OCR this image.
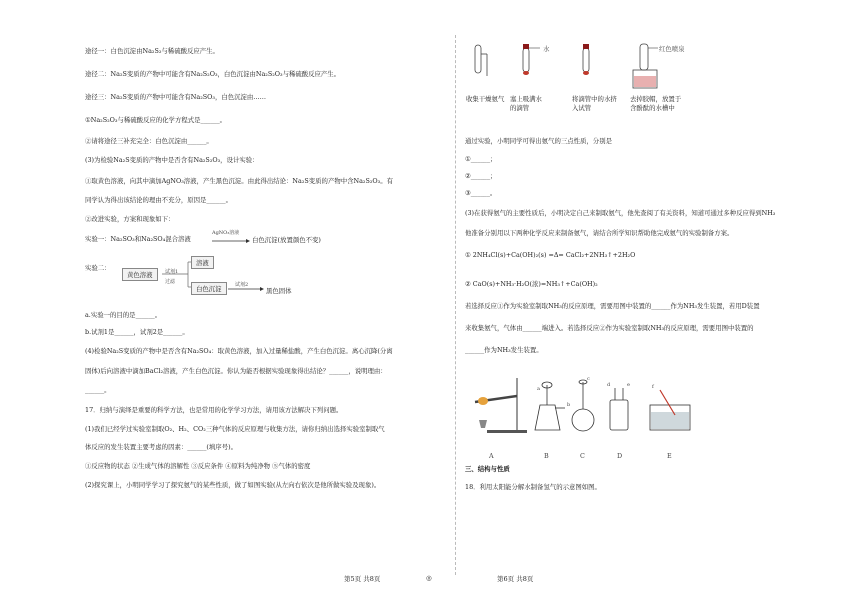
途径一：白色沉淀由Na₂S₂与稀硫酸反应产生。
途径二：Na₂S变质的产物中可能含有Na₂S₂O₃，白色沉淀由Na₂S₂O₃与稀硫酸反应产生。
途径三：Na₂S变质的产物中可能含有Na₂SO₃，白色沉淀由……
①Na₂S₂O₃与稀硫酸反应的化学方程式是______。
②请将途径三补充完全：白色沉淀由______。
(3)为检验Na₂S变质的产物中是否含有Na₂S₂O₃，设计实验：
①取黄色溶液，向其中滴加AgNO₃溶液，产生黑色沉淀。由此得出结论：Na₂S变质的产物中含Na₂S₂O₃。有
同学认为得出该结论的理由不充分，原因是______。
②改进实验，方案和现象如下：
实验一：Na₂SO₃和Na₂SO₄混合溶液
实验二：
a.实验一的目的是______。
b.试剂1是______，试剂2是______。
(4)检验Na₂S变质的产物中是否含有Na₂SO₄：取黄色溶液，加入过量稀盐酸，产生白色沉淀。离心沉降(分离
固体)后向溶液中滴加BaCl₂溶液，产生白色沉淀。你认为能否根据实验现象得出结论？______，说明理由：
______。
17．归纳与演绎是重要的科学方法，也是常用的化学学习方法，请用该方法解决下列问题。
(1)我们已经学过实验室制取O₂、H₂、CO₂三种气体的反应原理与收集方法，请你归纳出选择实验室制取气
体反应的发生装置主要考虑的因素：______(填序号)。
①反应物的状态 ②生成气体的溶解性 ③反应条件 ④原料为纯净物 ⑤气体的密度
(2)探究课上，小明同学学习了探究氨气的某些性质，做了如图实验(从左向右依次是他所做实验及现象)。
AgNO₃溶液
白色沉淀(放置颜色不变)
黄色溶液
溶液
白色沉淀
试剂1
过滤	试剂2
黑色固体
水	红色喷泉
收集干燥氨气 塞上吸满水的滴管
将滴管中的水挤入试管
去掉胶帽，放置于含酚酞的水槽中
通过实验，小明同学可得出氨气的三点性质，分别是
①______；
②______；
③______。
(3)在获得氨气的主要性质后，小明决定自己来制取氨气，他先查阅了有关资料，知道可通过多种反应得到NH₃
他准备分别用以下两种化学反应来制备氨气，请结合所学知识帮助他完成氨气的实验制备方案。
① 2NH₄Cl(s)+Ca(OH)₂(s) =Δ= CaCl₂+2NH₃↑+2H₂O
② CaO(s)+NH₃·H₂O(浓)=NH₃↑+Ca(OH)₂
若选择反应①作为实验室制取NH₃的反应原理，需要用图中装置的______作为NH₃发生装置，若用D装置
来收集氨气，气体由______端进入。若选择反应②作为实验室制取NH₃的反应原理，需要用图中装置的
______作为NH₃发生装置。
三、结构与性质
18．利用太阳能分解水制备氢气的示意图如图。
A	B	C	D	E
a
b
c
d	e	f
第5页 共8页	◎	第6页 共8页
